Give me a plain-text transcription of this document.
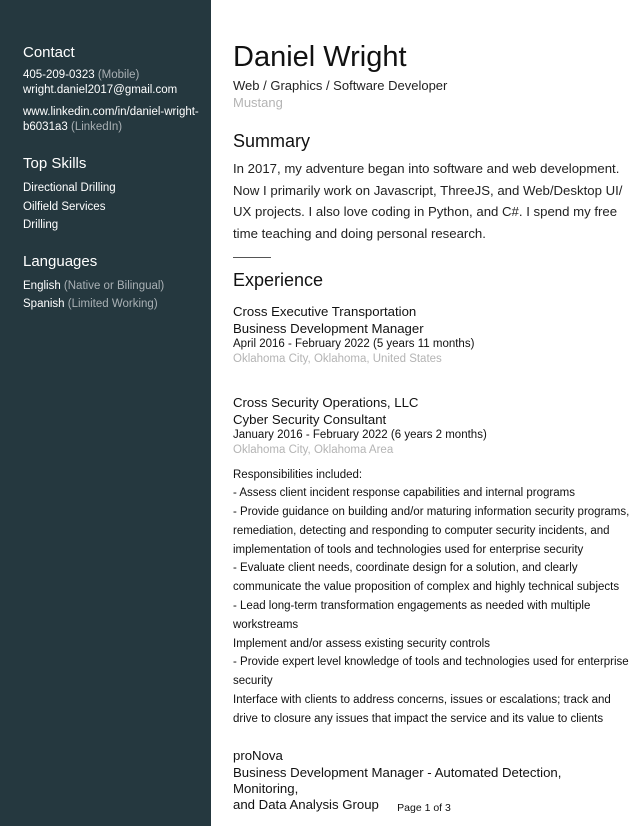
Contact
405-209-0323 (Mobile)
wright.daniel2017@gmail.com
www.linkedin.com/in/daniel-wright-
b6031a3 (LinkedIn)
Top Skills
Directional Drilling
Oilfield Services
Drilling
Languages
English (Native or Bilingual)
Spanish (Limited Working)
Daniel Wright
Web / Graphics / Software Developer
Mustang
Summary
In 2017, my adventure began into software and web development. Now I primarily work on Javascript, ThreeJS, and Web/Desktop UI/ UX projects. I also love coding in Python, and C#. I spend my free time teaching and doing personal research.
Experience
Cross Executive Transportation
Business Development Manager
April 2016 - February 2022 (5 years 11 months)
Oklahoma City, Oklahoma, United States
Cross Security Operations, LLC
Cyber Security Consultant
January 2016 - February 2022 (6 years 2 months)
Oklahoma City, Oklahoma Area
Responsibilities included:
- Assess client incident response capabilities and internal programs
- Provide guidance on building and/or maturing information security programs,
remediation, detecting and responding to computer security incidents, and
implementation of tools and technologies used for enterprise security
- Evaluate client needs, coordinate design for a solution, and clearly
communicate the value proposition of complex and highly technical subjects
- Lead long-term transformation engagements as needed with multiple
workstreams
Implement and/or assess existing security controls
- Provide expert level knowledge of tools and technologies used for enterprise
security
Interface with clients to address concerns, issues or escalations; track and
drive to closure any issues that impact the service and its value to clients
proNova
Business Development Manager - Automated Detection, Monitoring,
and Data Analysis Group	Page 1 of 3
